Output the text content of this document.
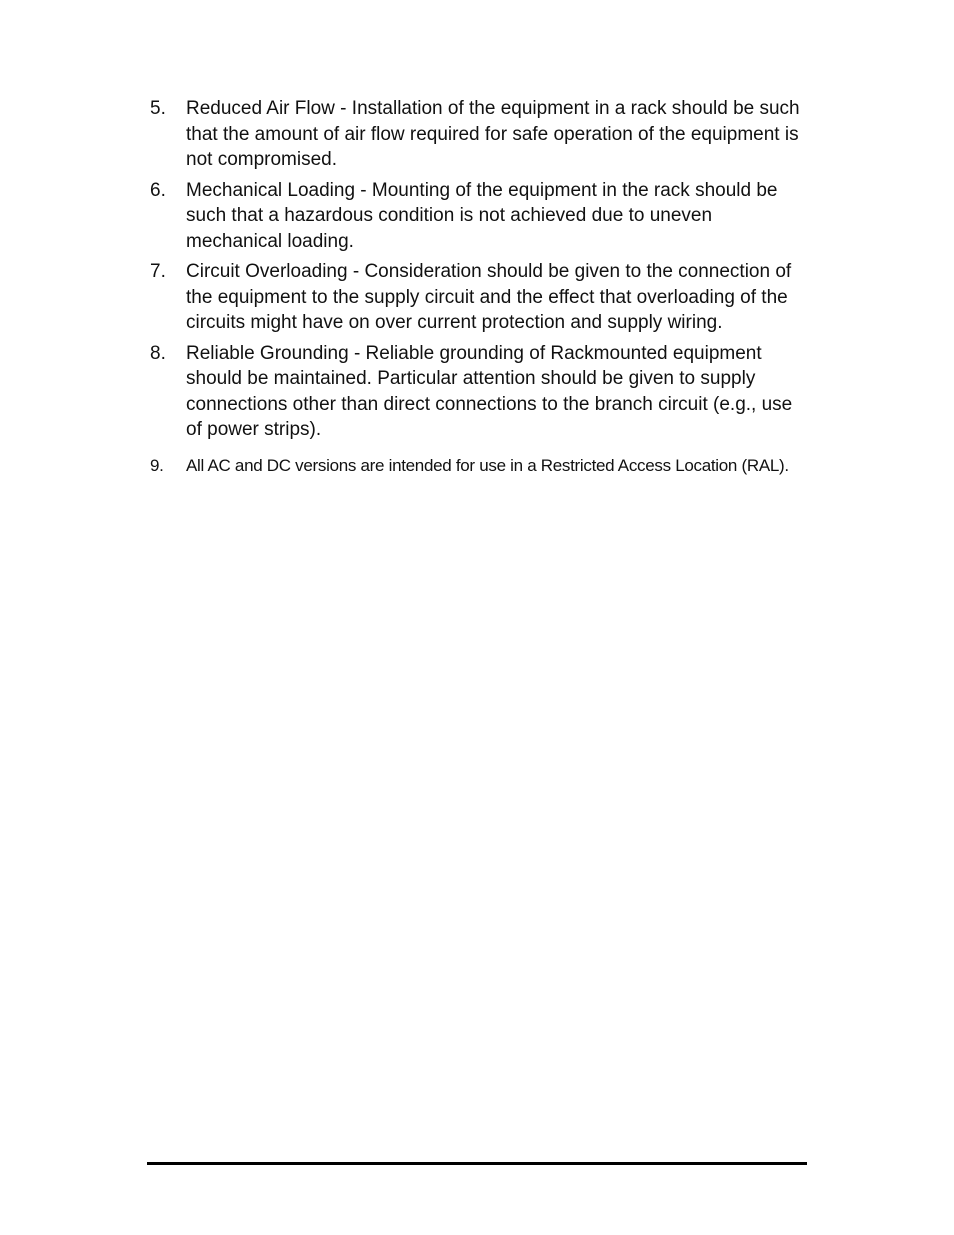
5.	Reduced Air Flow - Installation of the equipment in a rack should be such that the amount of air flow required for safe operation of the equipment is not compromised.
6.	Mechanical Loading - Mounting of the equipment in the rack should be such that a hazardous condition is not achieved due to uneven mechanical loading.
7.	Circuit Overloading - Consideration should be given to the connection of the equipment to the supply circuit and the effect that overloading of the circuits might have on over current protection and supply wiring.
8.	Reliable Grounding - Reliable grounding of Rackmounted equipment should be maintained. Particular attention should be given to supply connections other than direct connections to the branch circuit (e.g., use of power strips).
9.	All AC and DC versions are intended for use in a Restricted Access Location (RAL).
